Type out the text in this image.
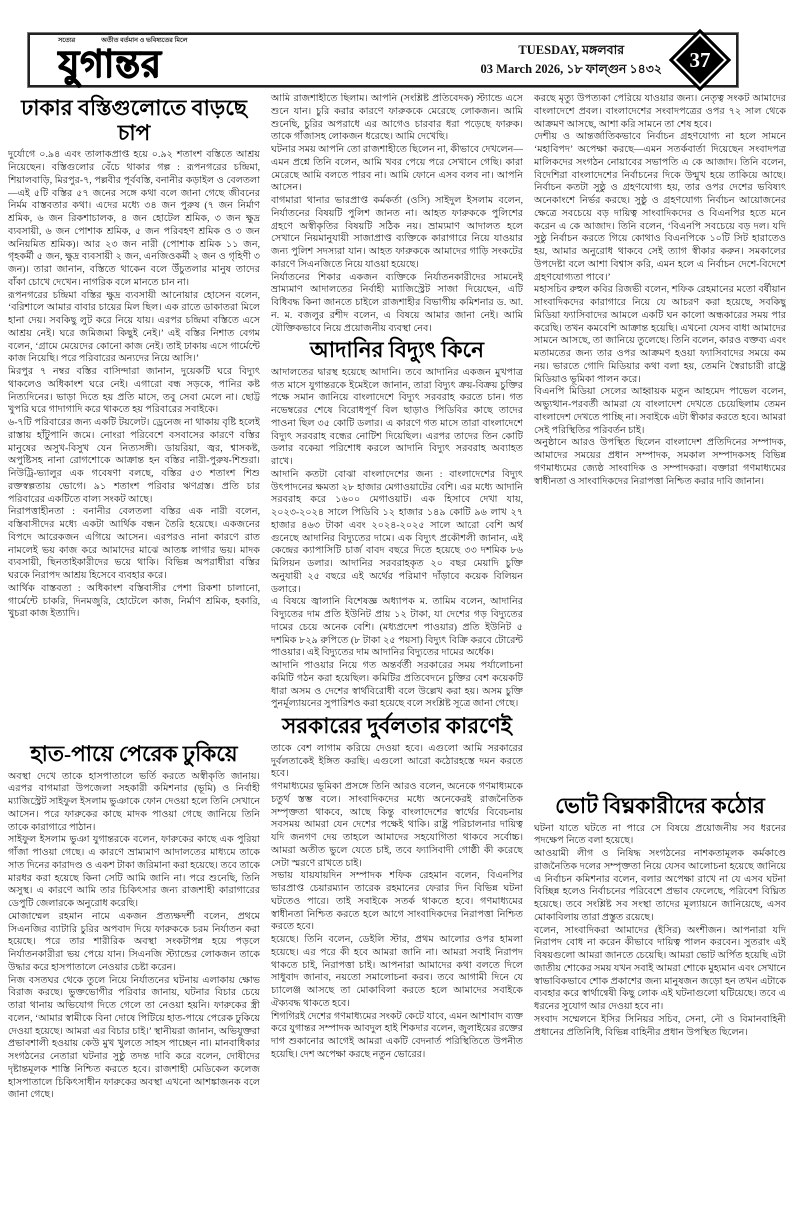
সত্যের	অতীত বর্তমান ও ভবিষ্যতের মিলে
যুগান্তর	TUESDAY, মঙ্গলবার
03 March 2026, ১৮ ফাল্গুন ১৪৩২ 37
ঢাকার বস্তিগুলোতে বাড়ছে চাপ

দুর্যোগে ০.৯৪ এবং তালাকপ্রাপ্ত হয়ে ০.৯২ শতাংশ বস্তিতে আশ্রয় নিয়েছেন। বস্তিগুলোর বেঁচে থাকার গল্প : রূপনগরের চন্দ্রিমা, শিয়ালবাড়ি, মিরপুর-৭, পল্লবীর পূর্ববস্তি, বনানীর কড়াইল ও বেলতলা—এই ৫টি বস্তির ৫৭ জনের সঙ্গে কথা বলে জানা গেছে জীবনের নির্মম বাস্তবতার কথা। এদের মধ্যে ৩৪ জন পুরুষ (৭ জন নির্মাণ শ্রমিক, ৬ জন রিকশাচালক, ৪ জন হোটেল শ্রমিক, ৩ জন ক্ষুদ্র ব্যবসায়ী, ৬ জন পোশাক শ্রমিক, ৫ জন পরিবহণ শ্রমিক ও ৩ জন অনিয়মিত শ্রমিক)। আর ২৩ জন নারী (পোশাক শ্রমিক ১১ জন, গৃহকর্মী ৫ জন, ক্ষুদ্র ব্যবসায়ী ২ জন, এনজিওকর্মী ২ জন ও গৃহিণী ৩ জন)। তারা জানান, বস্তিতে থাকেন বলে উঁচুতলার মানুষ তাদের বাঁকা চোখে দেখেন। নাগরিক বলে মানতে চান না।

রূপনগরের চন্দ্রিমা বস্তির ক্ষুদ্র ব্যবসায়ী আনোয়ার হোসেন বলেন, ‘বরিশালে আমার বাবার চায়ের মিল ছিল। এক রাতে ডাকাতরা মিলে হানা দেয়। সবকিছু লুট করে নিয়ে যায়। এরপর চন্দ্রিমা বস্তিতে এসে আশ্রয় নেই। ঘরে জমিজমা কিছুই নেই।’ এই বস্তির নিশাত বেগম বলেন, ‘গ্রামে মেয়েদের কোনো কাজ নেই। তাই ঢাকায় এসে গার্মেন্টে কাজ নিয়েছি। পরে পরিবারের অন্যদের নিয়ে আসি।’

মিরপুর ৭ নম্বর বস্তির বাসিন্দারা জানান, দুয়েকটি ঘরে বিদ্যুৎ থাকলেও অধিকাংশ ঘরে নেই। এগারো বন্ধ সড়কে, পানির কষ্ট নিত্যদিনের। ভাড়া দিতে হয় প্রতি মাসে, তবু সেবা মেলে না। ছোট্ট খুপরি ঘরে গাদাগাদি করে থাকতে হয় পরিবারের সবাইকে।

৬-৭টি পরিবারের জন্য একটি টয়লেট। ড্রেনেজ না থাকায় বৃষ্টি হলেই রাস্তায় হাঁটুপানি জমে। নোংরা পরিবেশে বসবাসের কারণে বস্তির মানুষের অসুখ-বিসুখ যেন নিত্যসঙ্গী। ডায়রিয়া, জ্বর, শ্বাসকষ্ট, অপুষ্টিসহ নানা রোগশোকে আক্রান্ত হন বস্তির নারী-পুরুষ-শিশুরা। নিউট্রি-ভ্যালুর এক গবেষণা বলছে, বস্তির ৫৩ শতাংশ শিশু রক্তস্বল্পতায় ভোগে। ৯১ শতাংশ পরিবার ঋণগ্রস্ত। প্রতি চার পরিবারের একটিতে বাল্য সংকট আছে।

নিরাপত্তাহীনতা : বনানীর বেলতলা বস্তির এক নারী বলেন, বস্তিবাসীদের মধ্যে একটা আর্থিক বন্ধন তৈরি হয়েছে। একজনের বিপদে আরেকজন এগিয়ে আসেন। এরপরও নানা কারণে রাত নামলেই ভয় কাজ করে আমাদের মাঝে আতঙ্ক লাগার ভয়। মাদক ব্যবসায়ী, ছিনতাইকারীদের ভয়ে থাকি। বিভিন্ন অপরাধীরা বস্তির ঘরকে নিরাপদ আশ্রয় হিসেবে ব্যবহার করে।

আর্থিক বাস্তবতা : অধিকাংশ বস্তিবাসীর পেশা রিকশা চালানো, গার্মেন্টে চাকরি, দিনমজুরি, হোটেলে কাজ, নির্মাণ শ্রমিক, হকারি, খুচরা কাজ ইত্যাদি।

হাত-পায়ে পেরেক ঢুকিয়ে

অবস্থা দেখে তাকে হাসপাতালে ভর্তি করতে অস্বীকৃতি জানায়। এরপর বাগমারা উপজেলা সহকারী কমিশনার (ভূমি) ও নির্বাহী ম্যাজিস্ট্রেট সাইফুল ইসলাম ভুঞাকে ফোন দেওয়া হলে তিনি সেখানে আসেন। পরে ফারুকের কাছে মাদক পাওয়া গেছে জানিয়ে তিনি তাকে কারাগারে পাঠান।

সাইফুল ইসলাম ভুঞা যুগান্তরকে বলেন, ফারুকের কাছে এক পুরিয়া গাঁজা পাওয়া গেছে। এ কারণে ভ্রাম্যমাণ আদালতের মাধ্যমে তাকে সাত দিনের কারাদণ্ড ও একশ টাকা জরিমানা করা হয়েছে। তবে তাকে মারধর করা হয়েছে কিনা সেটি আমি জানি না। পরে শুনেছি, তিনি অসুস্থ। এ কারণে আমি তার চিকিৎসার জন্য রাজশাহী কারাগারের ডেপুটি জেলারকে অনুরোধ করেছি।

মোজাম্মেল রহমান নামে একজন প্রত্যক্ষদর্শী বলেন, প্রথমে সিএনজির ব্যাটারি চুরির অপবাদ দিয়ে ফারুককে চরম নির্যাতন করা হয়েছে। পরে তার শারীরিক অবস্থা সংকটাপন্ন হয়ে পড়লে নির্যাতনকারীরা ভয় পেয়ে যান। সিএনজি স্ট্যান্ডের লোকজন তাকে উদ্ধার করে হাসপাতালে নেওয়ার চেষ্টা করেন।

নিজ বসতঘর থেকে তুলে নিয়ে নির্যাতনের ঘটনায় এলাকায় ক্ষোভ বিরাজ করছে। ভুক্তভোগীর পরিবার জানায়, ঘটনার বিচার চেয়ে তারা থানায় অভিযোগ দিতে গেলে তা নেওয়া হয়নি। ফারুকের স্ত্রী বলেন, ‘আমার স্বামীকে বিনা দোষে পিটিয়ে হাত-পায়ে পেরেক ঢুকিয়ে দেওয়া হয়েছে। আমরা এর বিচার চাই।’ স্থানীয়রা জানান, অভিযুক্তরা প্রভাবশালী হওয়ায় কেউ মুখ খুলতে সাহস পাচ্ছেন না। মানবাধিকার সংগঠনের নেতারা ঘটনার সুষ্ঠু তদন্ত দাবি করে বলেন, দোষীদের দৃষ্টান্তমূলক শাস্তি নিশ্চিত করতে হবে। রাজশাহী মেডিকেল কলেজ হাসপাতালে চিকিৎসাধীন ফারুকের অবস্থা এখনো আশঙ্কাজনক বলে জানা গেছে।

আমি রাজশাহীতে ছিলাম। আপনি (সংশ্লিষ্ট প্রতিবেদক) স্ট্যান্ডে এসে শুনে যান। চুরি করার কারণে ফারুককে মেরেছে লোকজন। আমি শুনেছি, চুরির অপরাধে এর আগেও চারবার ধরা পড়েছে ফারুক। তাকে গাঁজাসহ লোকজন ধরেছে। আমি দেখেছি।

ঘটনার সময় আপনি তো রাজশাহীতে ছিলেন না, কীভাবে দেখলেন—এমন প্রশ্নে তিনি বলেন, আমি খবর পেয়ে পরে সেখানে গেছি। কারা মেরেছে আমি বলতে পারব না। আমি ফোনে এসব বলব না। আপনি আসেন।

বাগমারা থানার ভারপ্রাপ্ত কর্মকর্তা (ওসি) সাইদুল ইসলাম বলেন, নির্যাতনের বিষয়টি পুলিশ জানত না। আহত ফারুককে পুলিশের গ্রহণে অস্বীকৃতির বিষয়টি সঠিক নয়। ভ্রাম্যমাণ আদালত হলে সেখানে নিয়মানুযায়ী সাজাপ্রাপ্ত ব্যক্তিকে কারাগারে নিয়ে যাওয়ার জন্য পুলিশ সদস্যরা যান। আহত ফারুককে আমাদের গাড়ি সংকটের কারণে সিএনজিতে নিয়ে যাওয়া হয়েছে।

নির্যাতনের শিকার একজন ব্যক্তিকে নির্যাতনকারীদের সামনেই ভ্রাম্যমাণ আদালতের নির্বাহী ম্যাজিস্ট্রেট সাজা দিয়েছেন, এটি বিধিবদ্ধ কিনা জানতে চাইলে রাজশাহীর বিভাগীয় কমিশনার ড. আ. ন. ম. বজলুর রশীদ বলেন, এ বিষয়ে আমার জানা নেই। আমি যৌক্তিকভাবে নিয়ে প্রয়োজনীয় ব্যবস্থা নেব।

আদানির বিদ্যুৎ কিনে

আদালতের দ্বারস্থ হয়েছে আদানি। তবে আদানির একজন মুখপাত্র গত মাসে যুগান্তরকে ইমেইলে জানান, তারা বিদ্যুৎ ক্রয়-বিক্রয় চুক্তির পক্ষে সমান জানিয়ে বাংলাদেশে বিদ্যুৎ সরবরাহ করতে চান। গত নভেম্বরের শেষে বিরোধপূর্ণ বিল ছাড়াও পিডিবির কাছে তাদের পাওনা ছিল ৩৫ কোটি ডলার। এ কারণে গত মাসে তারা বাংলাদেশে বিদ্যুৎ সরবরাহ বন্ধের নোটিশ দিয়েছিল। এরপর তাদের তিন কোটি ডলার বকেয়া পরিশোধ করলে আদানি বিদ্যুৎ সরবরাহ অব্যাহত রাখে।

আদানি কতটা বোঝা বাংলাদেশের জন্য : বাংলাদেশের বিদ্যুৎ উৎপাদনের ক্ষমতা ২৮ হাজার মেগাওয়াটের বেশি। এর মধ্যে আদানি সরবরাহ করে ১৬০০ মেগাওয়াট। এক হিসাবে দেখা যায়, ২০২৩-২০২৪ সালে পিডিবি ১২ হাজার ১৪৯ কোটি ৯৬ লাখ ২৭ হাজার ৪৬৩ টাকা এবং ২০২৪-২০২৫ সালে আরো বেশি অর্থ গুনেছে আদানির বিদ্যুতের দামে। এক বিদ্যুৎ প্রকৌশলী জানান, এই কেন্দ্রের ক্যাপাসিটি চার্জ বাবদ বছরে দিতে হয়েছে ৩৩ দশমিক ৮৬ মিলিয়ন ডলার। আদানির সরবরাহকৃত ২০ বছর মেয়াদি চুক্তি অনুযায়ী ২৫ বছরে এই অর্থের পরিমাণ দাঁড়াবে কয়েক বিলিয়ন ডলারে।

এ বিষয়ে জ্বালানি বিশেষজ্ঞ অধ্যাপক ম. তামিম বলেন, আদানির বিদ্যুতের দাম প্রতি ইউনিট প্রায় ১২ টাকা, যা দেশের গড় বিদ্যুতের দামের চেয়ে অনেক বেশি। (মধ্যপ্রদেশ পাওয়ার) প্রতি ইউনিট ৫ দশমিক ৮২৯ রুপিতে (৮ টাকা ২৫ পয়সা) বিদ্যুৎ বিক্রি করবে টোরেন্ট পাওয়ার। এই বিদ্যুতের দাম আদানির বিদ্যুতের দামের অর্ধেক।

আদানি পাওয়ার নিয়ে গত অন্তর্বর্তী সরকারের সময় পর্যালোচনা কমিটি গঠন করা হয়েছিল। কমিটির প্রতিবেদনে চুক্তির বেশ কয়েকটি ধারা অসম ও দেশের স্বার্থবিরোধী বলে উল্লেখ করা হয়। অসম চুক্তি পুনর্মূল্যায়নের সুপারিশও করা হয়েছে বলে সংশ্লিষ্ট সূত্রে জানা গেছে।

সরকারের দুর্বলতার কারণেই

তাকে বেশ লাগাম করিয়ে দেওয়া হবে। এগুলো আমি সরকারের দুর্বলতাকেই ইঙ্গিত করছি। এগুলো আরো কঠোরহস্তে দমন করতে হবে।

গণমাধ্যমের ভূমিকা প্রসঙ্গে তিনি আরও বলেন, অনেকে গণমাধ্যমকে চতুর্থ স্তম্ভ বলে। সাংবাদিকদের মধ্যে অনেকেরই রাজনৈতিক সম্পৃক্ততা থাকবে, আছে কিন্তু বাংলাদেশের স্বার্থের বিবেচনায় সবসময় আমরা যেন দেশের পক্ষেই থাকি। রাষ্ট্র পরিচালনার দায়িত্ব যদি জনগণ দেয় তাহলে আমাদের সহযোগিতা থাকবে সর্বোচ্চ। আমরা অতীত ভুলে যেতে চাই, তবে ফ্যাসিবাদী গোষ্ঠী কী করেছে সেটা স্মরণে রাখতে চাই।

সভায় যায়যায়দিন সম্পাদক শফিক রেহমান বলেন, বিএনপির ভারপ্রাপ্ত চেয়ারম্যান তারেক রহমানের ফেরার দিন বিভিন্ন ঘটনা ঘটতেও পারে। তাই সবাইকে সতর্ক থাকতে হবে। গণমাধ্যমের স্বাধীনতা নিশ্চিত করতে হলে আগে সাংবাদিকদের নিরাপত্তা নিশ্চিত করতে হবে।

হয়েছে। তিনি বলেন, ডেইলি স্টার, প্রথম আলোর ওপর হামলা হয়েছে। এর পরে কী হবে আমরা জানি না। আমরা সবাই নিরাপদ থাকতে চাই, নিরাপত্তা চাই। আপনারা আমাদের কথা বলতে দিলে সাধুবাদ জানাব, নয়তো সমালোচনা করব। তবে আগামী দিনে যে চ্যালেঞ্জ আসছে তা মোকাবিলা করতে হলে আমাদের সবাইকে ঐক্যবদ্ধ থাকতে হবে।

শিগগিরই দেশের গণমাধ্যমের সংকট কেটে যাবে, এমন আশাবাদ ব্যক্ত করে যুগান্তর সম্পাদক আবদুল হাই শিকদার বলেন, জুলাইয়ের রক্তের দাগ শুকানোর আগেই আমরা একটি বেদনার্ত পরিস্থিতিতে উপনীত হয়েছি। দেশ অপেক্ষা করছে নতুন ভোরের।

করছে মৃত্যু উপত্যকা পেরিয়ে যাওয়ার জন্য। নেতৃত্ব সংকট আমাদের বাংলাদেশে প্রবল। বাংলাদেশের সংবাদপত্রের ওপর ৭২ সাল থেকে আক্রমণ আসছে, আশা করি সামনে তা শেষ হবে।

দেশীয় ও আন্তর্জাতিকভাবে নির্বাচন গ্রহণযোগ্য না হলে সামনে ‘মহাবিপদ’ অপেক্ষা করছে—এমন সতর্কবার্তা দিয়েছেন সংবাদপত্র মালিকদের সংগঠন নোয়াবের সভাপতি এ কে আজাদ। তিনি বলেন, বিদেশিরা বাংলাদেশের নির্বাচনের দিকে উন্মুখ হয়ে তাকিয়ে আছে। নির্বাচন কতটা সুষ্ঠু ও গ্রহণযোগ্য হয়, তার ওপর দেশের ভবিষ্যৎ অনেকাংশে নির্ভর করছে। সুষ্ঠু ও গ্রহণযোগ্য নির্বাচন আয়োজনের ক্ষেত্রে সবচেয়ে বড় দায়িত্ব সাংবাদিকদের ও বিএনপির হতে মনে করেন এ কে আজাদ। তিনি বলেন, ‘বিএনপি সবচেয়ে বড় দল। যদি সুষ্ঠু নির্বাচন করতে গিয়ে কোথাও বিএনপিকে ১০টি সিট হারাতেও হয়, আমার অনুরোধ থাকবে সেই ত্যাগ স্বীকার করুন। সমকালের উপদেষ্টা বলে আশা বিশ্বাস করি, এমন হলে এ নির্বাচন দেশে-বিদেশে গ্রহণযোগ্যতা পাবে।’

মহাসচিব রুহুল কবির রিজভী বলেন, শফিক রেহমানের মতো বর্ষীয়ান সাংবাদিকদের কারাগারে নিয়ে যে আচরণ করা হয়েছে, সবকিছু মিডিয়া ফ্যাসিবাদের আমলে একটি ঘন কালো অন্ধকারের সময় পার করেছি। তখন কমবেশি আক্রান্ত হয়েছি। এখনো যেসব বাধা আমাদের সামনে আসছে, তা জানিয়ে তুলেছে। তিনি বলেন, কারও বক্তব্য এবং মতামতের জন্য তার ওপর আক্রমণ হওয়া ফ্যাসিবাদের সময়ে কম নয়। ভারতে গোদি মিডিয়ার কথা বলা হয়, তেমনি স্বৈরাচারী রাষ্ট্রে মিডিয়াও ভূমিকা পালন করে।

বিএনপি মিডিয়া সেলের আহ্বায়ক মতুন আহমেদ পাভেল বলেন, অভ্যুত্থান-পরবর্তী আমরা যে বাংলাদেশ দেখতে চেয়েছিলাম তেমন বাংলাদেশ দেখতে পাচ্ছি না। সবাইকে এটা স্বীকার করতে হবে। আমরা সেই পরিস্থিতির পরিবর্তন চাই।

অনুষ্ঠানে আরও উপস্থিত ছিলেন বাংলাদেশ প্রতিদিনের সম্পাদক, আমাদের সময়ের প্রধান সম্পাদক, সমকাল সম্পাদকসহ বিভিন্ন গণমাধ্যমের জ্যেষ্ঠ সাংবাদিক ও সম্পাদকরা। বক্তারা গণমাধ্যমের স্বাধীনতা ও সাংবাদিকদের নিরাপত্তা নিশ্চিত করার দাবি জানান।

ভোট বিঘ্নকারীদের কঠোর

ঘটনা যাতে ঘটতে না পারে সে বিষয়ে প্রয়োজনীয় সব ধরনের পদক্ষেপ নিতে বলা হয়েছে।

আওয়ামী লীগ ও নিষিদ্ধ সংগঠনের নাশকতামূলক কর্মকাণ্ডে রাজনৈতিক দলের সম্পৃক্ততা নিয়ে যেসব আলোচনা হয়েছে জানিয়ে এ নির্বাচন কমিশনার বলেন, বলার অপেক্ষা রাখে না যে এসব ঘটনা বিচ্ছিন্ন হলেও নির্বাচনের পরিবেশে প্রভাব ফেলেছে, পরিবেশ বিঘ্নিত হয়েছে। তবে সংশ্লিষ্ট সব সংস্থা তাদের মূল্যায়নে জানিয়েছে, এসব মোকাবিলায় তারা প্রস্তুত রয়েছে।

বলেন, সাংবাদিকরা আমাদের (ইসির) অংশীজন। আপনারা যদি নিরাপদ বোধ না করেন কীভাবে দায়িত্ব পালন করবেন। সুতরাং এই বিষয়গুলো আমরা জানতে চেয়েছি। আমরা ভোট অর্পিত হয়েছি এটা জাতীয় শোকের সময় যখন সবাই আমরা শোকে মুহ্যমান এবং সেখানে স্বাভাবিকভাবে শোক প্রকাশের জন্য মানুষজন জড়ো হন তখন এটাকে ব্যবহার করে স্বার্থান্বেষী কিছু লোক এই ঘটনাগুলো ঘটিয়েছে। তবে এ ধরনের সুযোগ আর দেওয়া হবে না।

সংবাদ সম্মেলনে ইসির সিনিয়র সচিব, সেনা, নৌ ও বিমানবাহিনী প্রধানের প্রতিনিধি, বিভিন্ন বাহিনীর প্রধান উপস্থিত ছিলেন।
